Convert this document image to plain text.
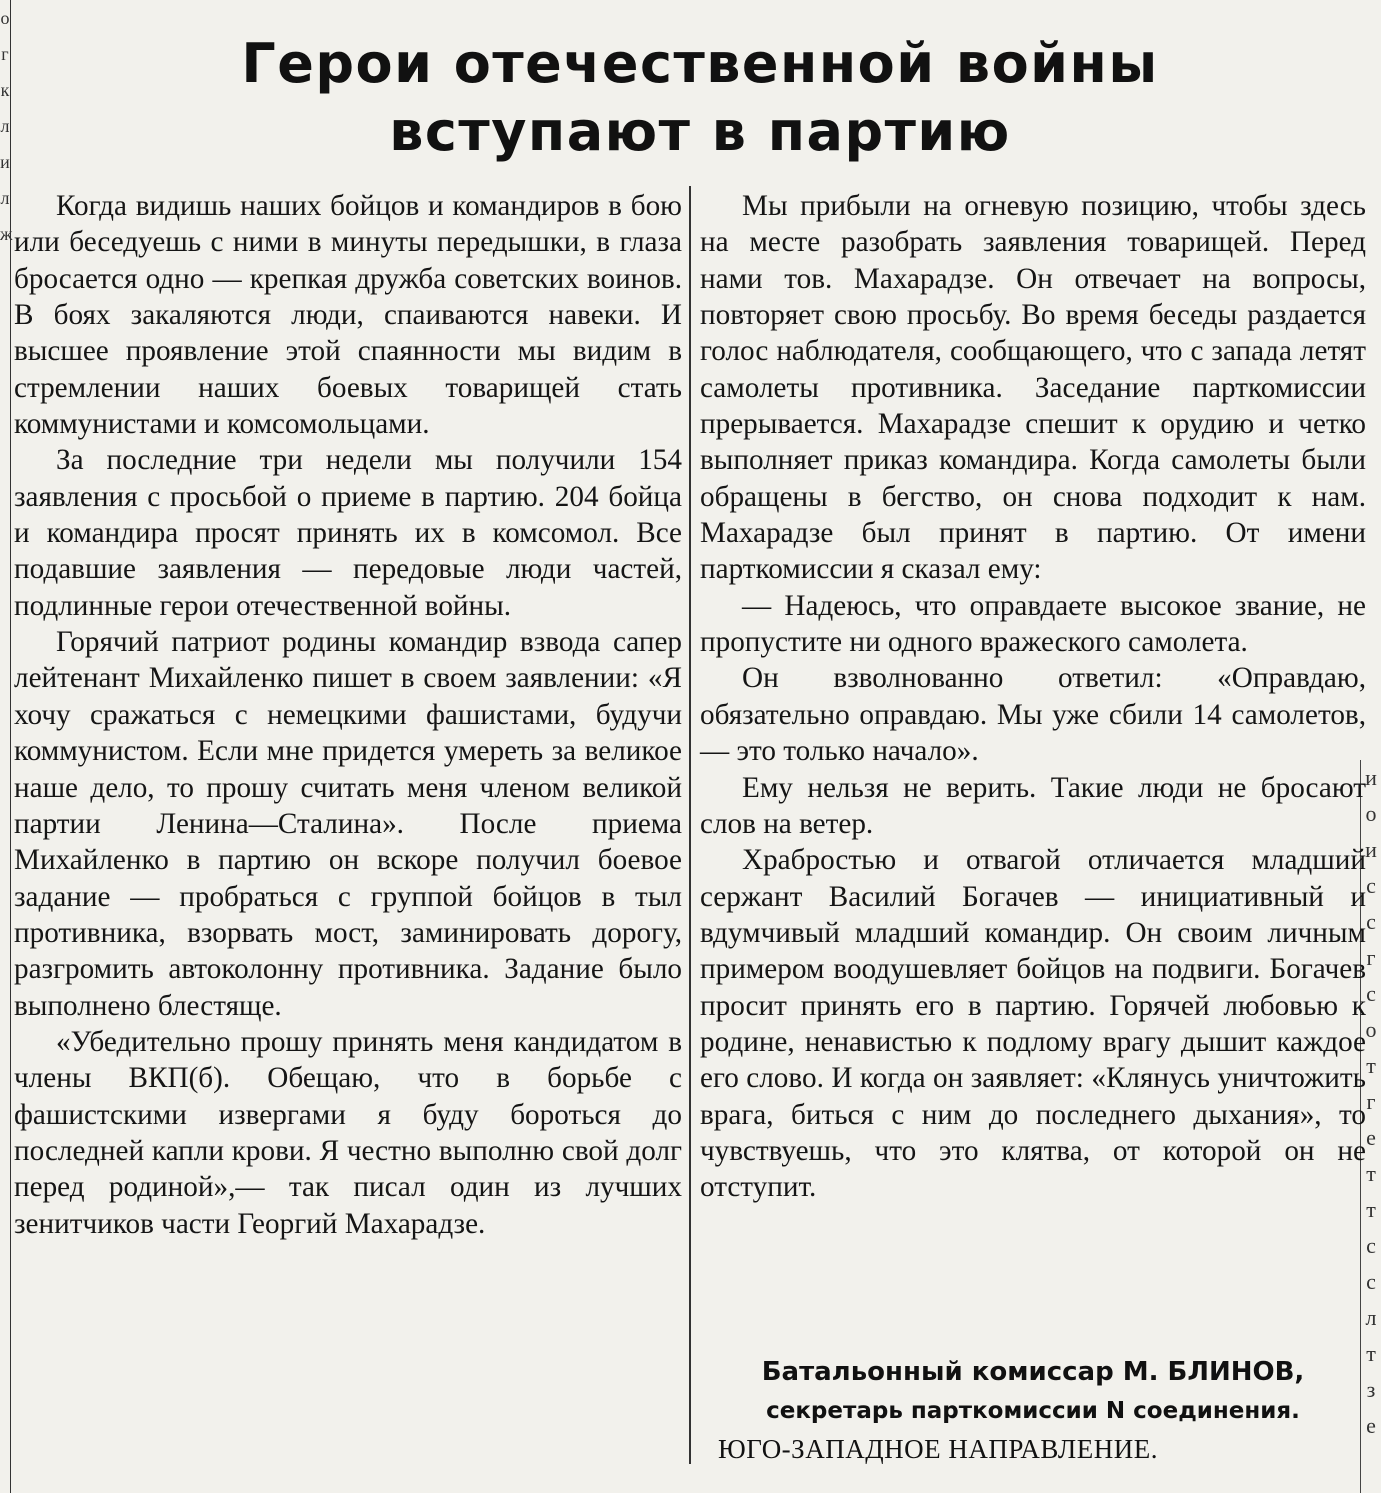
о
г
к
л
и
л
ж
и
о
и
с
с
г
с
о
т
г
е
т
т
с
с
л
т
з
е
Герои отечественной войны
вступают в партию

Когда видишь наших бойцов и командиров в бою или беседуешь с ними в минуты передышки, в глаза бросается одно — крепкая дружба советских воинов. В боях закаляются люди, спаиваются навеки. И высшее проявление этой спаянности мы видим в стремлении наших боевых товарищей стать коммунистами и комсомольцами.

За последние три недели мы получили 154 заявления с просьбой о приеме в партию. 204 бойца и командира просят принять их в комсомол. Все подавшие заявления — передовые люди частей, подлинные герои отечественной войны.

Горячий патриот родины командир взвода сапер лейтенант Михайленко пишет в своем заявлении: «Я хочу сражаться с немецкими фашистами, будучи коммунистом. Если мне придется умереть за великое наше дело, то прошу считать меня членом великой партии Ленина—Сталина». После приема Михайленко в партию он вскоре получил боевое задание — пробраться с группой бойцов в тыл противника, взорвать мост, заминировать дорогу, разгромить автоколонну противника. Задание было выполнено блестяще.

«Убедительно прошу принять меня кандидатом в члены ВКП(б). Обещаю, что в борьбе с фашистскими извергами я буду бороться до последней капли крови. Я честно выполню свой долг перед родиной»,— так писал один из лучших зенитчиков части Георгий Махарадзе.

Мы прибыли на огневую позицию, чтобы здесь на месте разобрать заявления товарищей. Перед нами тов. Махарадзе. Он отвечает на вопросы, повторяет свою просьбу. Во время беседы раздается голос наблюдателя, сообщающего, что с запада летят самолеты противника. Заседание парткомиссии прерывается. Махарадзе спешит к орудию и четко выполняет приказ командира. Когда самолеты были обращены в бегство, он снова подходит к нам. Махарадзе был принят в партию. От имени парткомиссии я сказал ему:

— Надеюсь, что оправдаете высокое звание, не пропустите ни одного вражеского самолета.

Он взволнованно ответил: «Оправдаю, обязательно оправдаю. Мы уже сбили 14 самолетов, — это только начало».

Ему нельзя не верить. Такие люди не бросают слов на ветер.

Храбростью и отвагой отличается младший сержант Василий Богачев — инициативный и вдумчивый младший командир. Он своим личным примером воодушевляет бойцов на подвиги. Богачев просит принять его в партию. Горячей любовью к родине, ненавистью к подлому врагу дышит каждое его слово. И когда он заявляет: «Клянусь уничтожить врага, биться с ним до последнего дыхания», то чувствуешь, что это клятва, от которой он не отступит.

Батальонный комиссар М. БЛИНОВ,
секретарь парткомиссии N соединения.
ЮГО-ЗАПАДНОЕ НАПРАВЛЕНИЕ.
